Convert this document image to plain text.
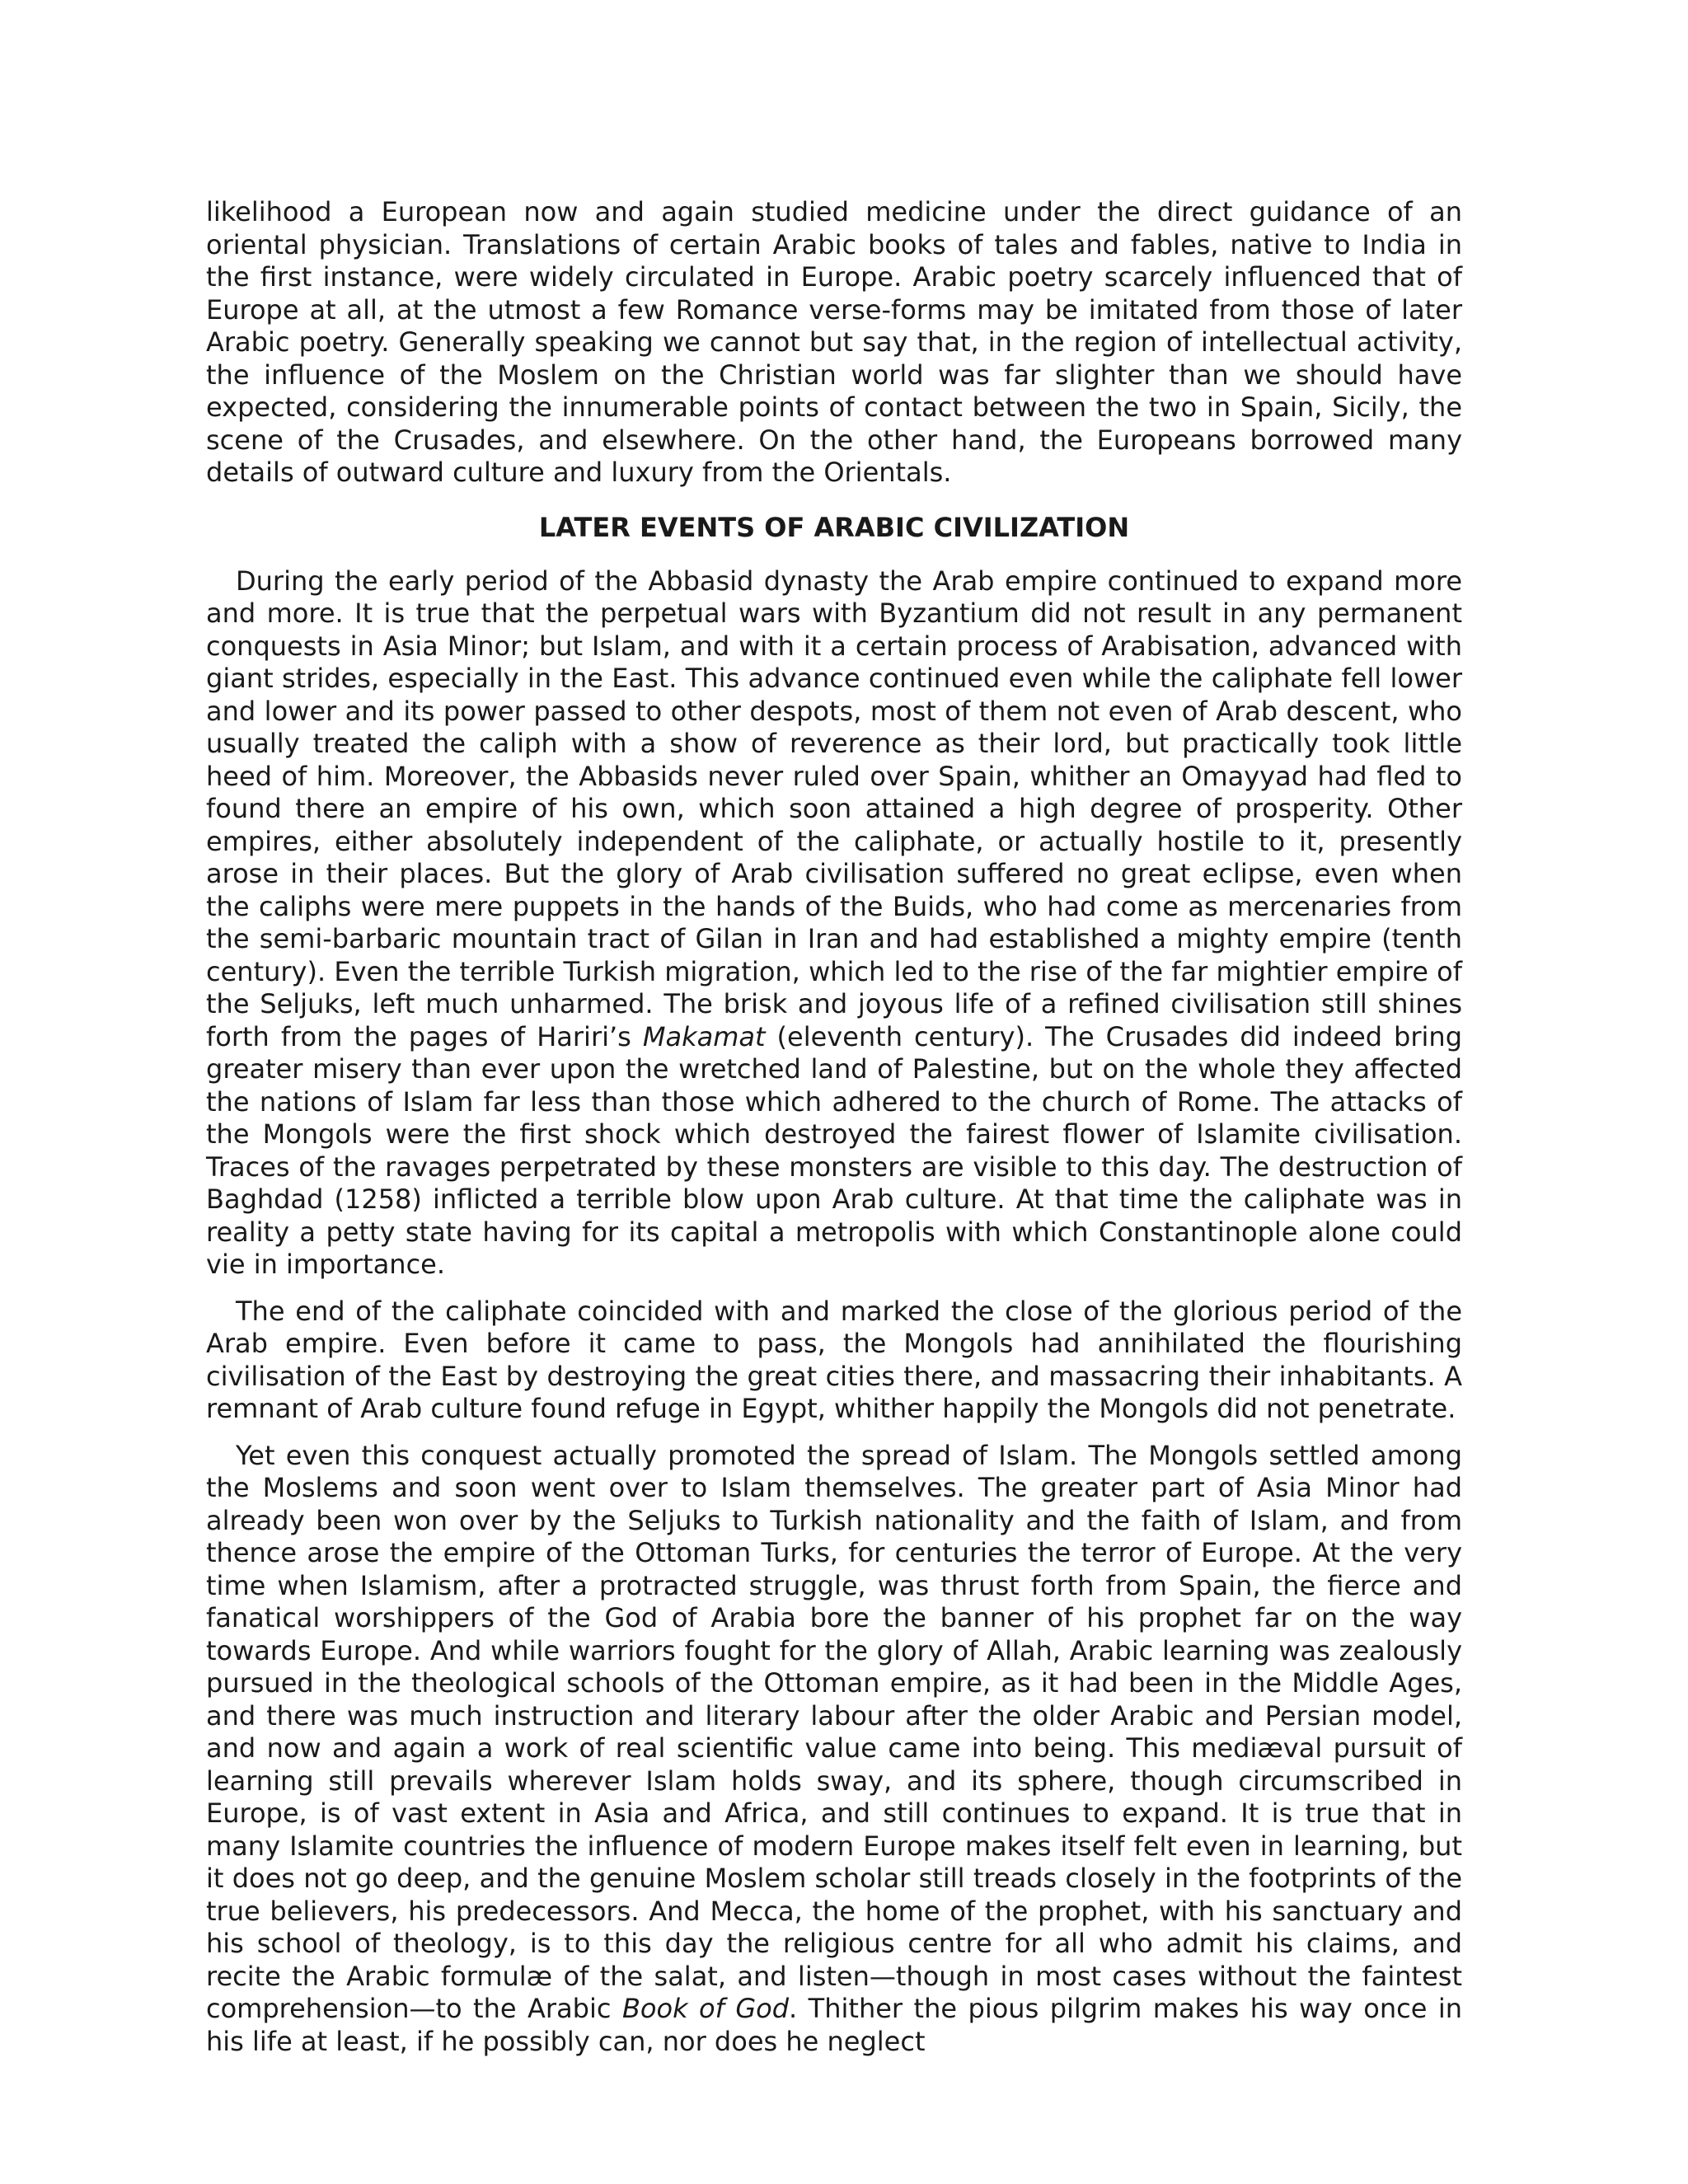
likelihood a European now and again studied medicine under the direct guidance of an oriental physician. Translations of certain Arabic books of tales and fables, native to India in the first instance, were widely circulated in Europe. Arabic poetry scarcely influenced that of Europe at all, at the utmost a few Romance verse-forms may be imitated from those of later Arabic poetry. Generally speaking we cannot but say that, in the region of intellectual activity, the influence of the Moslem on the Christian world was far slighter than we should have expected, considering the innumerable points of contact between the two in Spain, Sicily, the scene of the Crusades, and elsewhere. On the other hand, the Europeans borrowed many details of outward culture and luxury from the Orientals.

LATER EVENTS OF ARABIC CIVILIZATION

During the early period of the Abbasid dynasty the Arab empire continued to expand more and more. It is true that the perpetual wars with Byzantium did not result in any permanent conquests in Asia Minor; but Islam, and with it a certain process of Arabisation, advanced with giant strides, especially in the East. This advance continued even while the caliphate fell lower and lower and its power passed to other despots, most of them not even of Arab descent, who usually treated the caliph with a show of reverence as their lord, but practically took little heed of him. Moreover, the Abbasids never ruled over Spain, whither an Omayyad had fled to found there an empire of his own, which soon attained a high degree of prosperity. Other empires, either absolutely independent of the caliphate, or actually hostile to it, presently arose in their places. But the glory of Arab civilisation suffered no great eclipse, even when the caliphs were mere puppets in the hands of the Buids, who had come as mercenaries from the semi-barbaric mountain tract of Gilan in Iran and had established a mighty empire (tenth century). Even the terrible Turkish migration, which led to the rise of the far mightier empire of the Seljuks, left much unharmed. The brisk and joyous life of a refined civilisation still shines forth from the pages of Hariri’s Makamat (eleventh century). The Crusades did indeed bring greater misery than ever upon the wretched land of Palestine, but on the whole they affected the nations of Islam far less than those which adhered to the church of Rome. The attacks of the Mongols were the first shock which destroyed the fairest flower of Islamite civilisation. Traces of the ravages perpetrated by these monsters are visible to this day. The destruction of Baghdad (1258) inflicted a terrible blow upon Arab culture. At that time the caliphate was in reality a petty state having for its capital a metropolis with which Constantinople alone could vie in importance.

The end of the caliphate coincided with and marked the close of the glorious period of the Arab empire. Even before it came to pass, the Mongols had annihilated the flourishing civilisation of the East by destroying the great cities there, and massacring their inhabitants. A remnant of Arab culture found refuge in Egypt, whither happily the Mongols did not penetrate.

Yet even this conquest actually promoted the spread of Islam. The Mongols settled among the Moslems and soon went over to Islam themselves. The greater part of Asia Minor had already been won over by the Seljuks to Turkish nationality and the faith of Islam, and from thence arose the empire of the Ottoman Turks, for centuries the terror of Europe. At the very time when Islamism, after a protracted struggle, was thrust forth from Spain, the fierce and fanatical worshippers of the God of Arabia bore the banner of his prophet far on the way towards Europe. And while warriors fought for the glory of Allah, Arabic learning was zealously pursued in the theological schools of the Ottoman empire, as it had been in the Middle Ages, and there was much instruction and literary labour after the older Arabic and Persian model, and now and again a work of real scientific value came into being. This mediæval pursuit of learning still prevails wherever Islam holds sway, and its sphere, though circumscribed in Europe, is of vast extent in Asia and Africa, and still continues to expand. It is true that in many Islamite countries the influence of modern Europe makes itself felt even in learning, but it does not go deep, and the genuine Moslem scholar still treads closely in the footprints of the true believers, his predecessors. And Mecca, the home of the prophet, with his sanctuary and his school of theology, is to this day the religious centre for all who admit his claims, and recite the Arabic formulæ of the salat, and listen—though in most cases without the faintest comprehension—to the Arabic Book of God. Thither the pious pilgrim makes his way once in his life at least, if he possibly can, nor does he neglect
